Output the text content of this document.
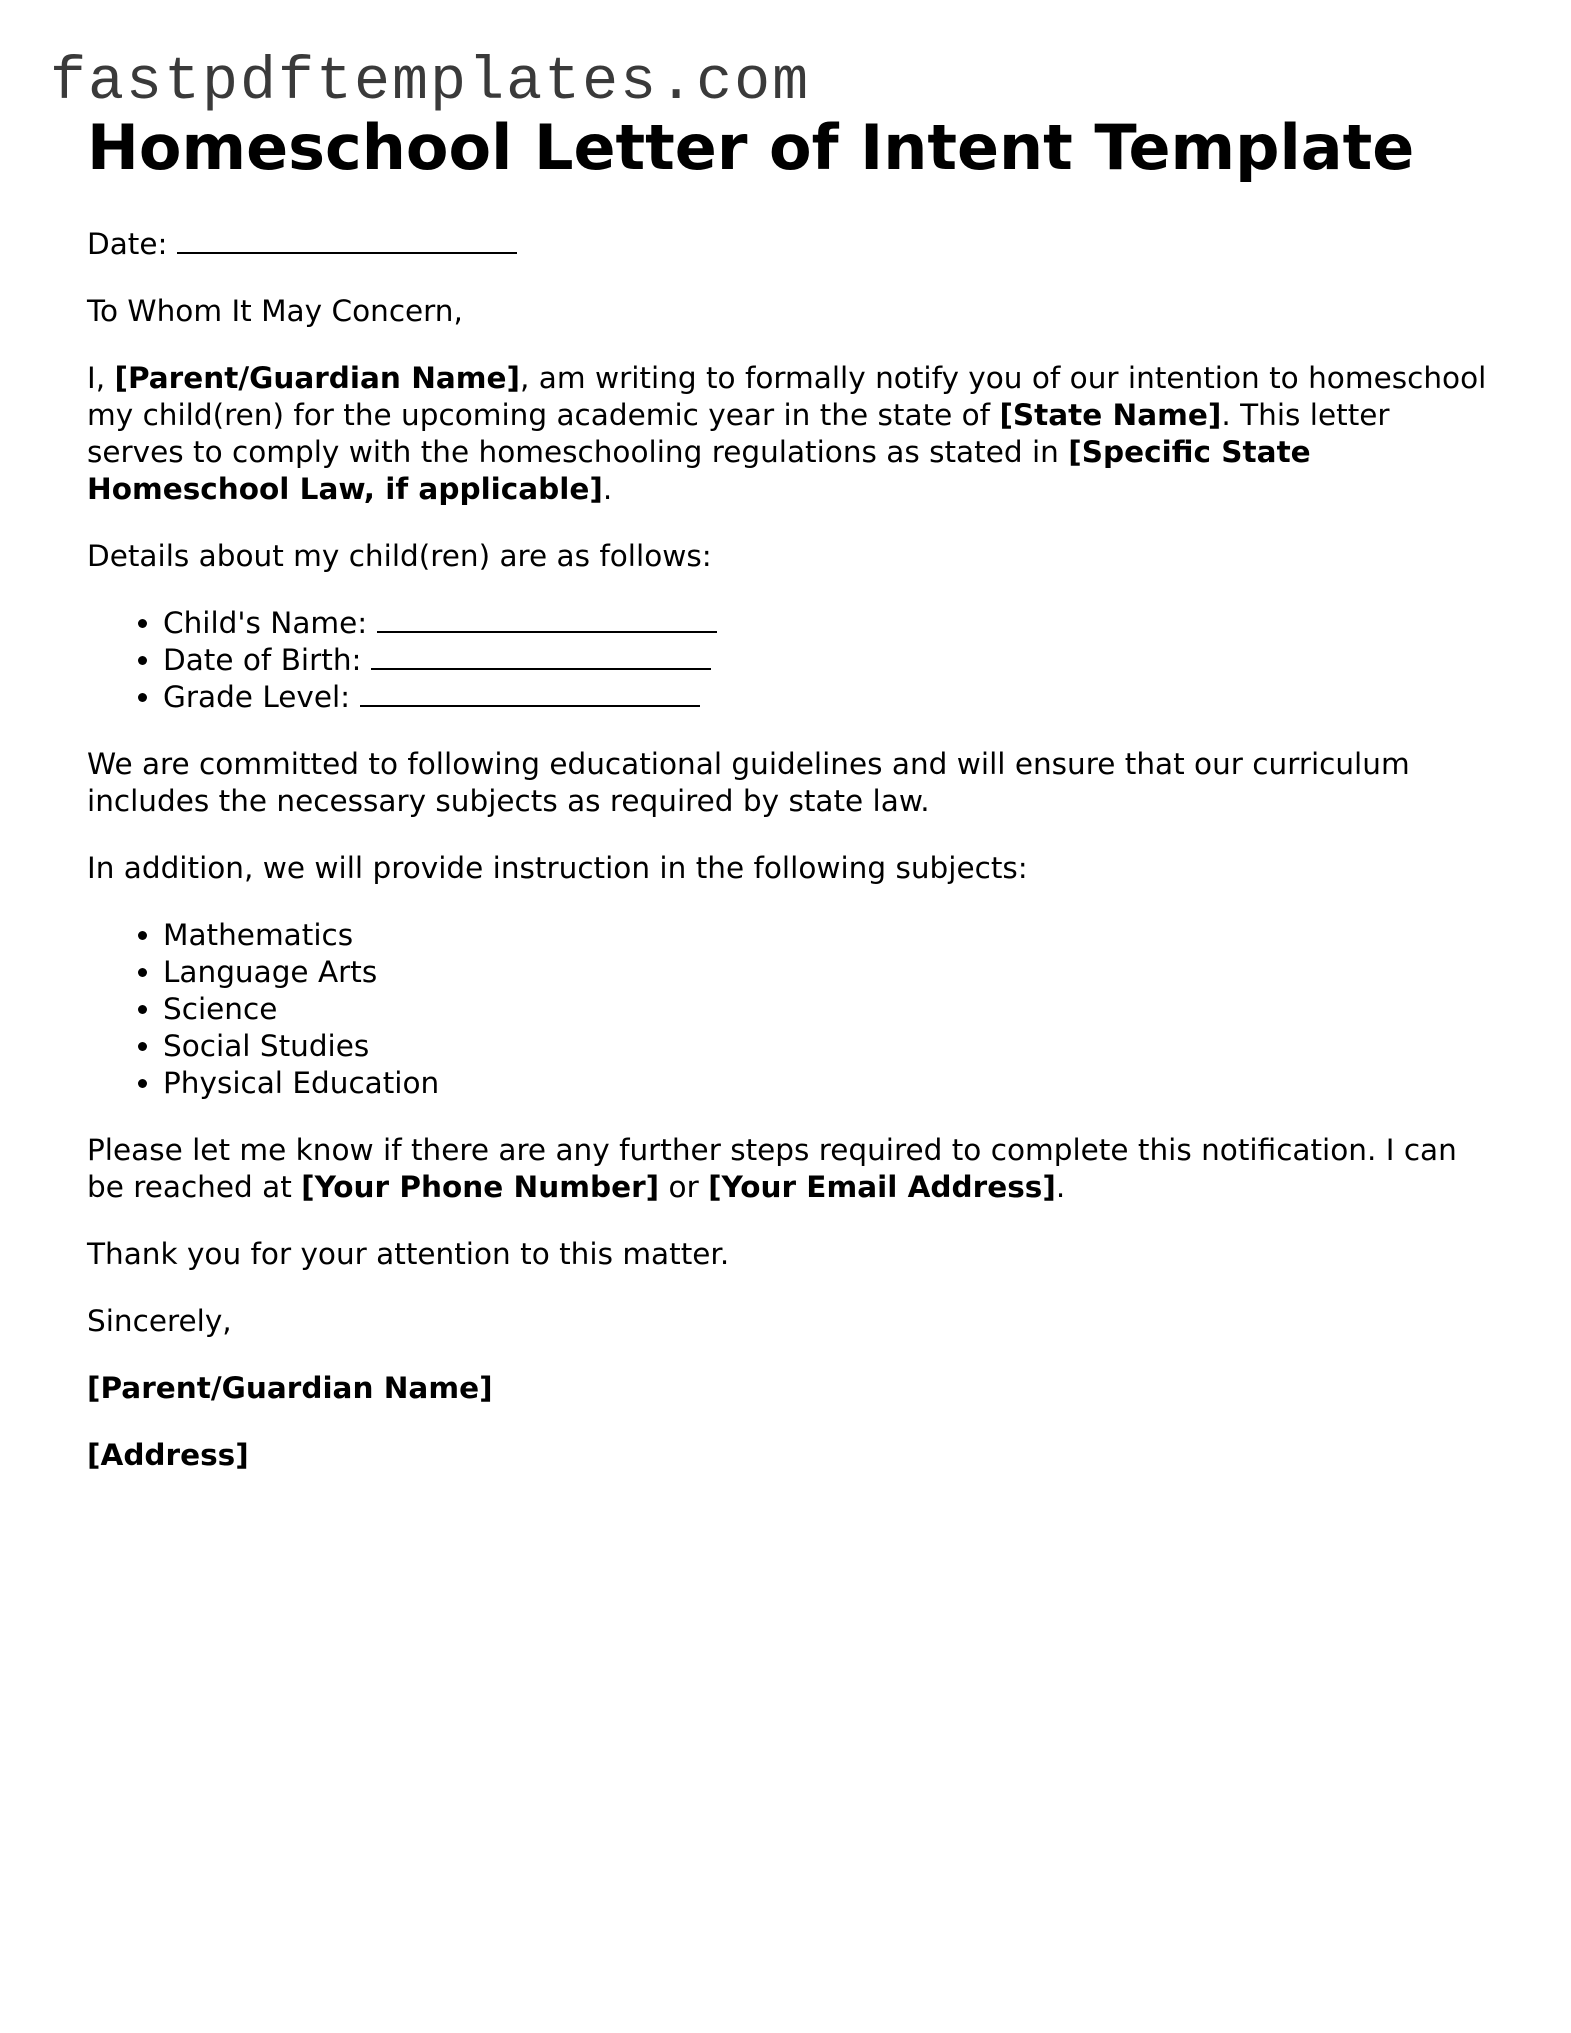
fastpdftemplates.com
Homeschool Letter of Intent Template

Date:

To Whom It May Concern,

I, [Parent/Guardian Name], am writing to formally notify you of our intention to homeschool my child(ren) for the upcoming academic year in the state of [State Name]. This letter serves to comply with the homeschooling regulations as stated in [Specific State Homeschool Law, if applicable].

Details about my child(ren) are as follows:

• Child's Name:
• Date of Birth:
• Grade Level:

We are committed to following educational guidelines and will ensure that our curriculum includes the necessary subjects as required by state law.

In addition, we will provide instruction in the following subjects:

• Mathematics
• Language Arts
• Science
• Social Studies
• Physical Education

Please let me know if there are any further steps required to complete this notification. I can be reached at [Your Phone Number] or [Your Email Address].

Thank you for your attention to this matter.

Sincerely,

[Parent/Guardian Name]

[Address]
